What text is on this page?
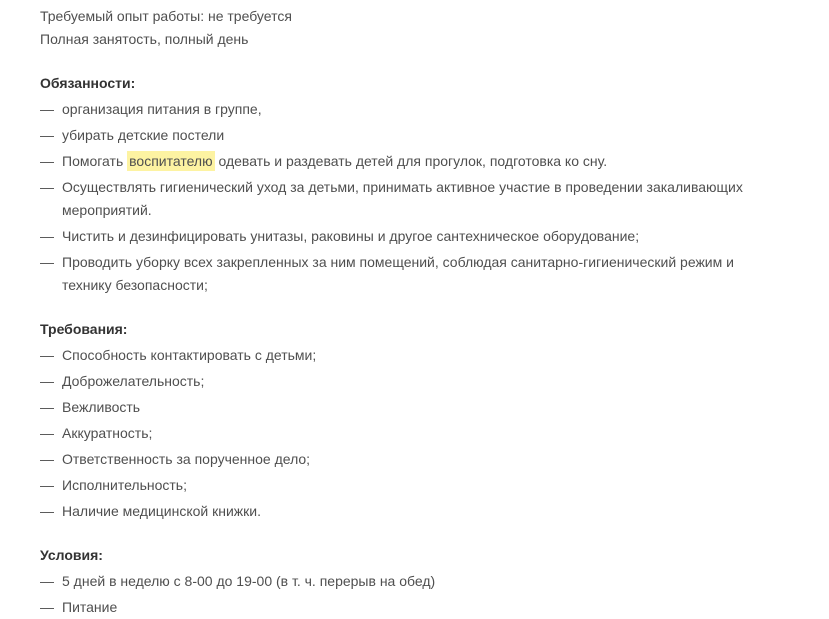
Требуемый опыт работы: не требуется

Полная занятость, полный день

Обязанности:
— организация питания в группе,
— убирать детские постели
— Помогать воспитателю одевать и раздевать детей для прогулок, подготовка ко сну.
— Осуществлять гигиенический уход за детьми, принимать активное участие в проведении закаливающих мероприятий.
— Чистить и дезинфицировать унитазы, раковины и другое сантехническое оборудование;
— Проводить уборку всех закрепленных за ним помещений, соблюдая санитарно-гигиенический режим и технику безопасности;
Требования:
— Способность контактировать с детьми;
— Доброжелательность;
— Вежливость
— Аккуратность;
— Ответственность за порученное дело;
— Исполнительность;
— Наличие медицинской книжки.
Условия:
— 5 дней в неделю с 8-00 до 19-00 (в т. ч. перерыв на обед)
— Питание
